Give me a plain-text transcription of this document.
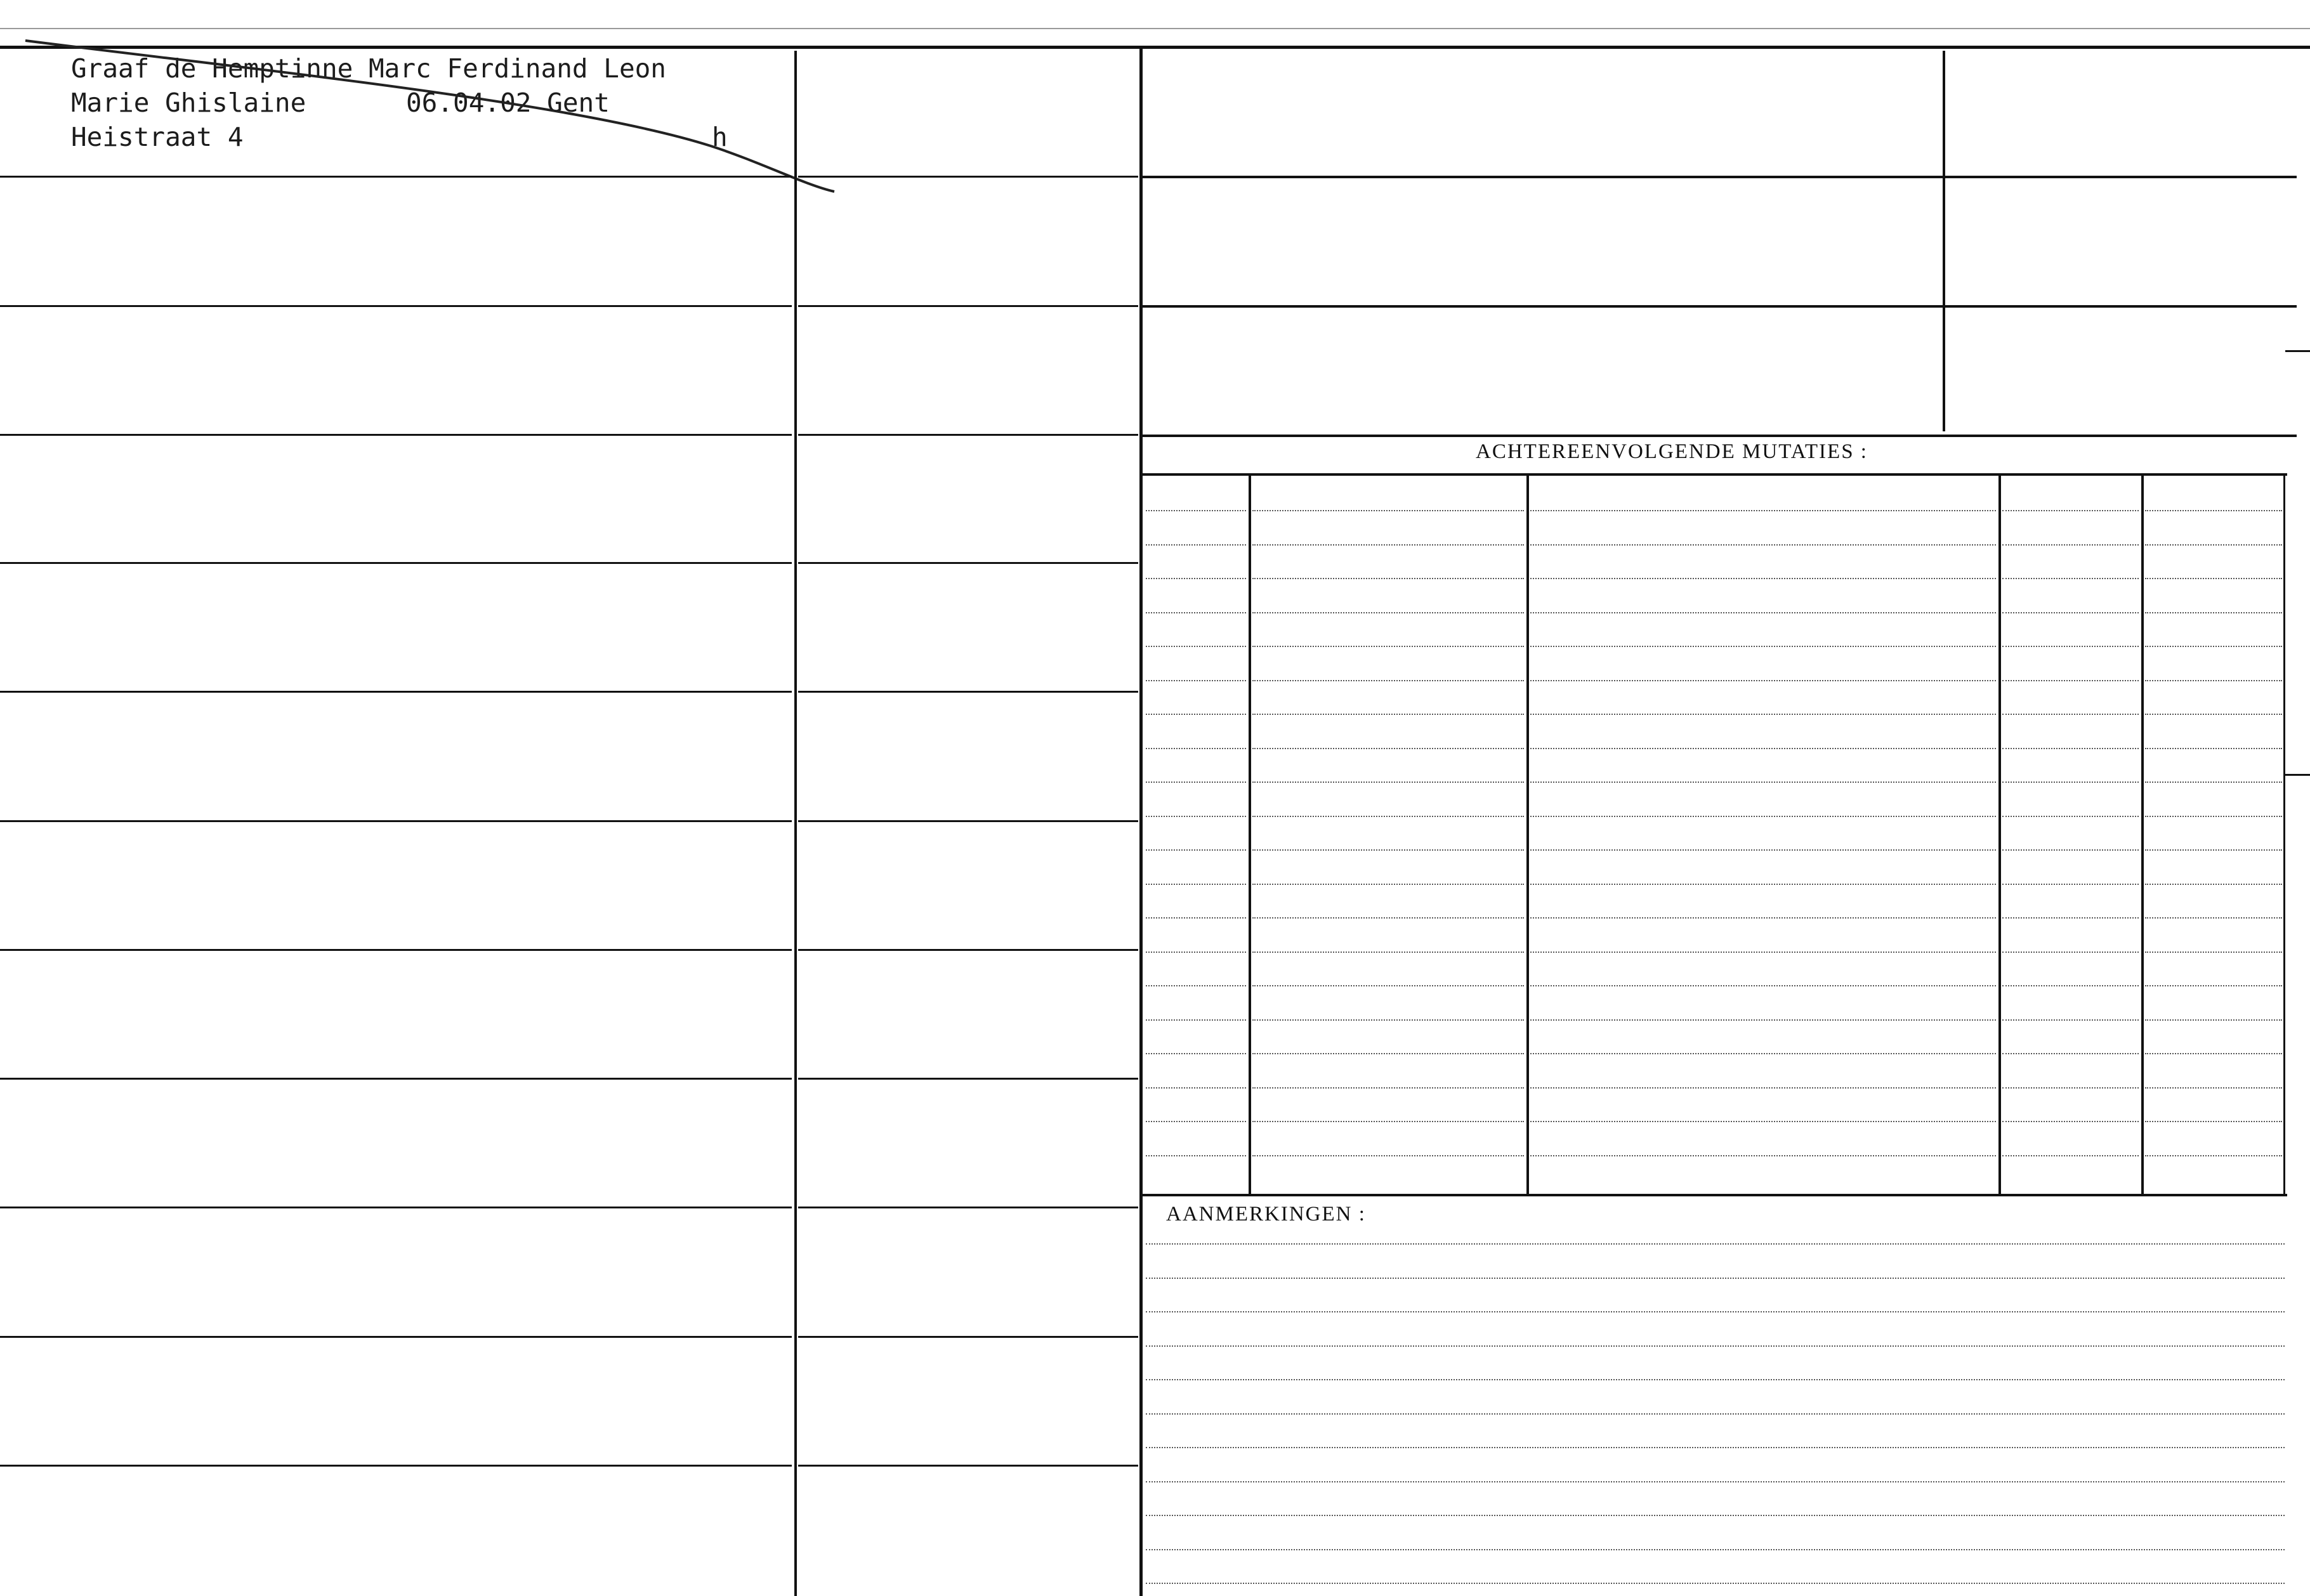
Graaf de Hemptinne Marc Ferdinand Leon
Marie Ghislaine	06.04.02 Gent
Heistraat 4	h
ACHTEREENVOLGENDE MUTATIES :
AANMERKINGEN :
